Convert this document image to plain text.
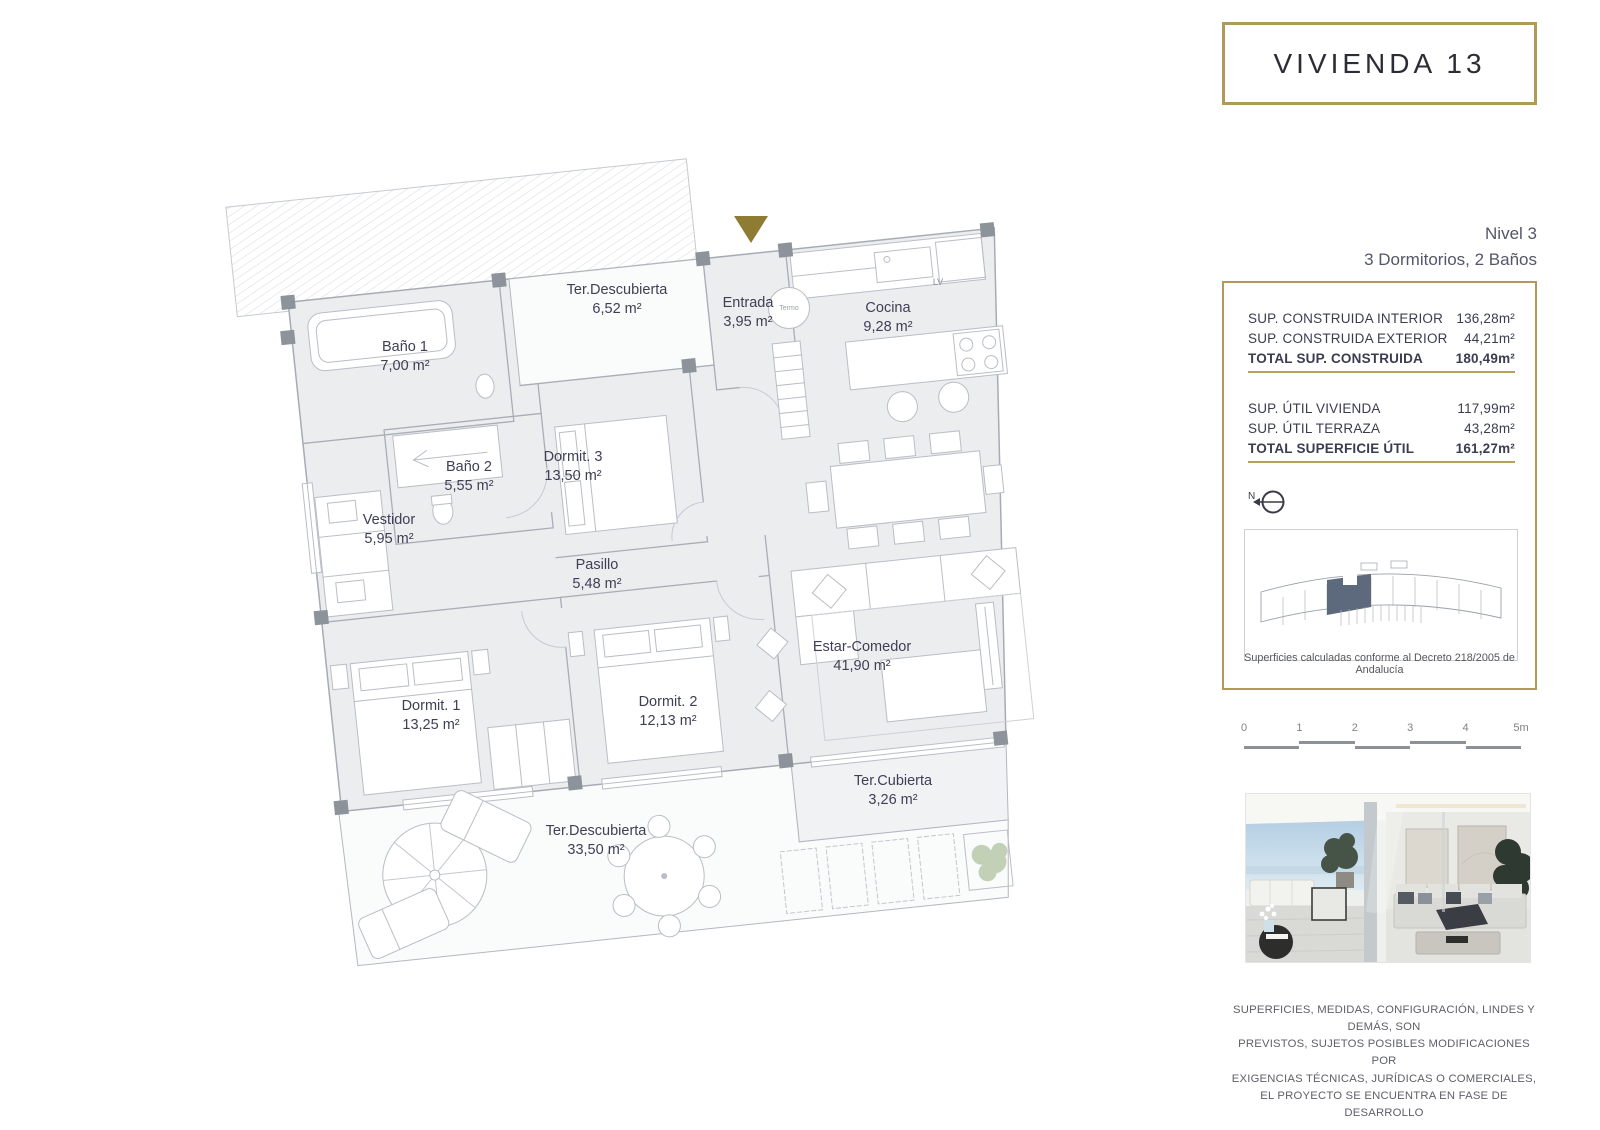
Termo
LV
Baño 1
7,00 m²
Ter.Descubierta
6,52 m²	Entrada
3,95 m²
Cocina
9,28 m²
Baño 2
5,55 m²
Dormit. 3
13,50 m²
Vestidor
5,95 m²
Pasillo
5,48 m²
Estar-Comedor
41,90 m²
Dormit. 1
13,25 m²
Dormit. 2
12,13 m²
Ter.Cubierta
3,26 m²
Ter.Descubierta
33,50 m²
VIVIENDA 13
Nivel 3
3 Dormitorios, 2 Baños
SUP. CONSTRUIDA INTERIOR 136,28m²
SUP. CONSTRUIDA EXTERIOR 44,21m²
TOTAL SUP. CONSTRUIDA 180,49m²
SUP. ÚTIL VIVIENDA	117,99m²
SUP. ÚTIL TERRAZA	43,28m²
TOTAL SUPERFICIE ÚTIL	161,27m²
N
Superficies calculadas conforme al Decreto 218/2005 de Andalucía
0	1	2	3	4	5m
SUPERFICIES, MEDIDAS, CONFIGURACIÓN, LINDES Y DEMÁS, SON
PREVISTOS, SUJETOS POSIBLES MODIFICACIONES POR
EXIGENCIAS TÉCNICAS, JURÍDICAS O COMERCIALES,
EL PROYECTO SE ENCUENTRA EN FASE DE DESARROLLO
